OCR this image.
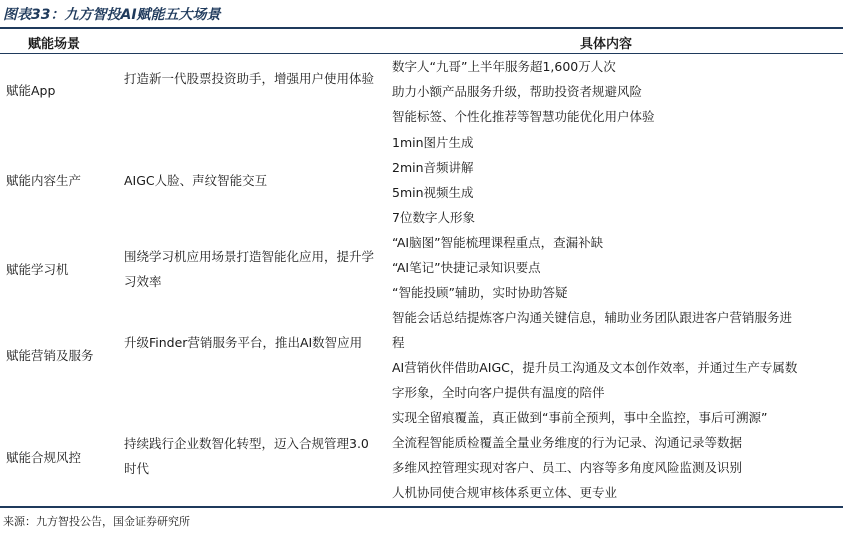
图表33：九方智投AI赋能五大场景
赋能场景	具体内容
赋能App
打造新一代股票投资助手，增强用户使用体验
数字人“九哥”上半年服务超1,600万人次
助力小额产品服务升级，帮助投资者规避风险
智能标签、个性化推荐等智慧功能优化用户体验
赋能内容生产	AIGC人脸、声纹智能交互
1min图片生成
2min音频讲解
5min视频生成
7位数字人形象
赋能学习机
围绕学习机应用场景打造智能化应用，提升学习效率
“AI脑图”智能梳理课程重点，查漏补缺
“AI笔记”快捷记录知识要点
“智能投顾”辅助，实时协助答疑
赋能营销及服务
升级Finder营销服务平台，推出AI数智应用
智能会话总结提炼客户沟通关键信息，辅助业务团队跟进客户营销服务进
程
AI营销伙伴借助AIGC，提升员工沟通及文本创作效率，并通过生产专属数
字形象，全时向客户提供有温度的陪伴
赋能合规风控
持续践行企业数智化转型，迈入合规管理3.0时代
实现全留痕覆盖，真正做到“事前全预判，事中全监控，事后可溯源”
全流程智能质检覆盖全量业务维度的行为记录、沟通记录等数据
多维风控管理实现对客户、员工、内容等多角度风险监测及识别
人机协同使合规审核体系更立体、更专业
来源：九方智投公告，国金证券研究所
